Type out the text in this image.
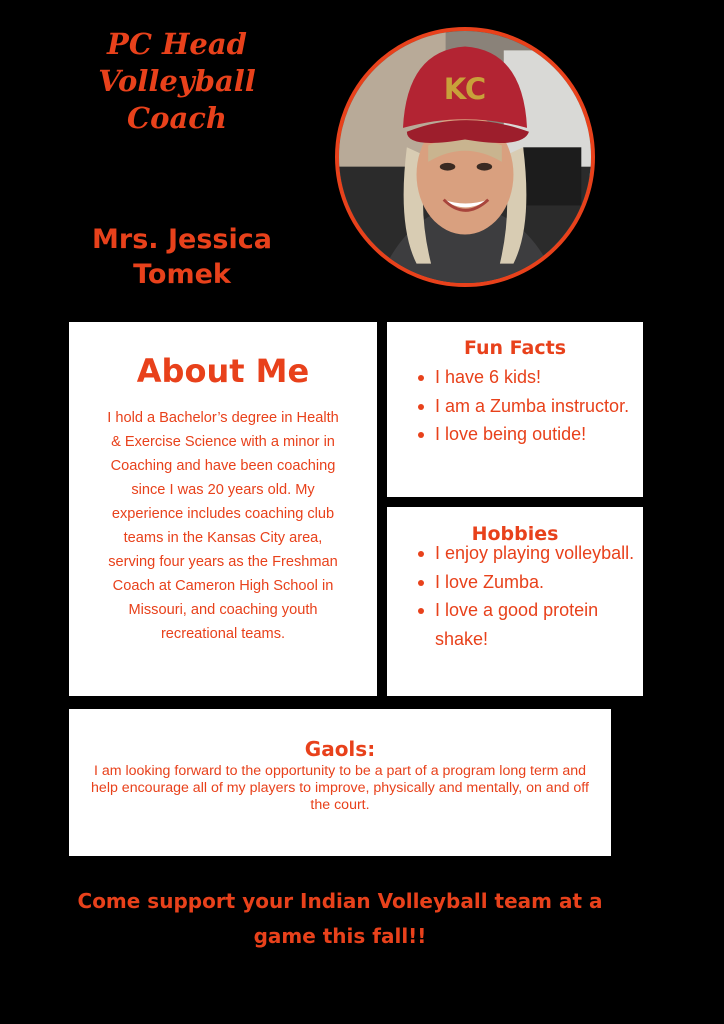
PC Head
Volleyball
Coach
Mrs. Jessica
Tomek
KC
About Me

I hold a Bachelor’s degree in Health & Exercise Science with a minor in Coaching and have been coaching since I was 20 years old. My experience includes coaching club teams in the Kansas City area, serving four years as the Freshman Coach at Cameron High School in Missouri, and coaching youth recreational teams.

Fun Facts
I have 6 kids!
I am a Zumba instructor.
I love being outide!
Hobbies
I enjoy playing volleyball.
I love Zumba.
I love a good protein shake!
Gaols:

I am looking forward to the opportunity to be a part of a program long term and help encourage all of my players to improve, physically and mentally, on and off the court.

Come support your Indian Volleyball team at a game this fall!!
